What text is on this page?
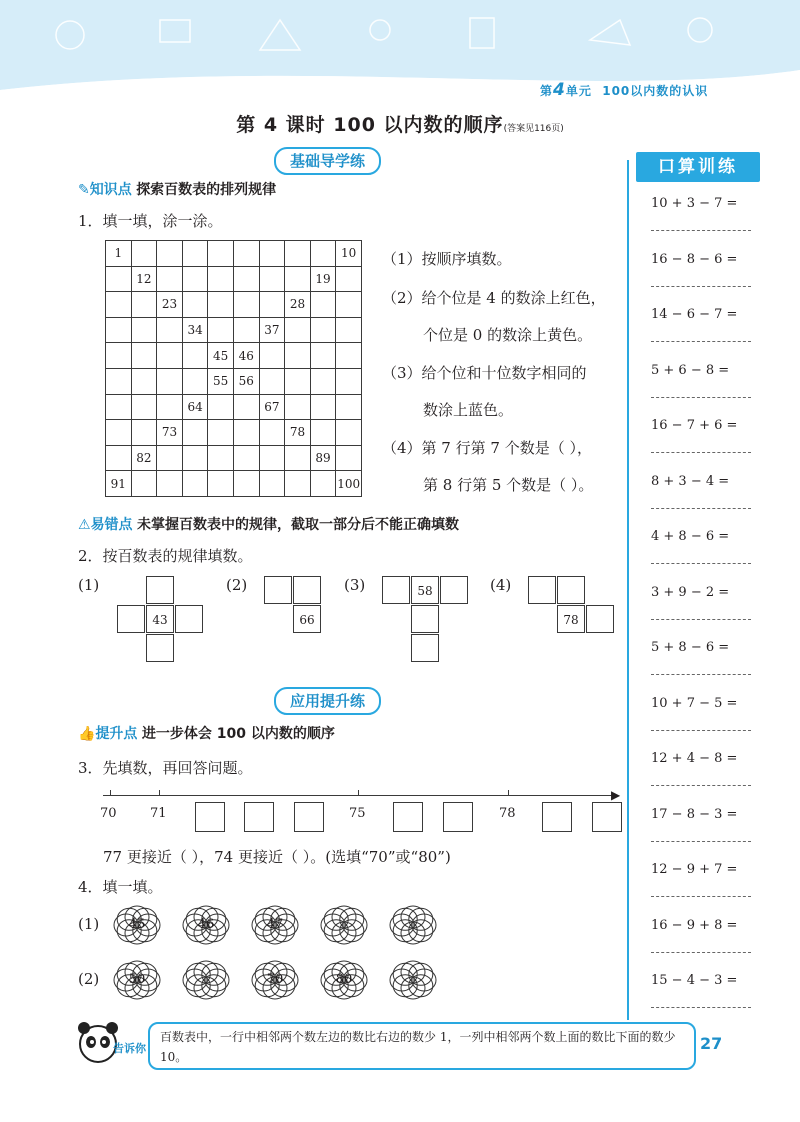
第4单元 100以内数的认识
第 4 课时 100 以内数的顺序(答案见116页)
基础导学练
✎知识点 探索百数表的排列规律
1．填一填，涂一涂。
1									10
	12							19	
		23					28		
			34			37			
				45	46				
				55	56				
			64			67			
		73					78		
	82							89	
91									100
（1）按顺序填数。
（2）给个位是 4 的数涂上红色，
个位是 0 的数涂上黄色。
（3）给个位和十位数字相同的
数涂上蓝色。
（4）第 7 行第 7 个数是（ ），
第 8 行第 5 个数是（ ）。
⚠易错点 未掌握百数表中的规律，截取一部分后不能正确填数
2．按百数表的规律填数。
(1)
43
(2)
66
(3)	58	(4)
78
应用提升练
👍提升点 进一步体会 100 以内数的顺序
3．先填数，再回答问题。
▶
70	71	75	78
77 更接近（ ），74 更接近（ ）。(选填“70”或“80”)
4．填一填。
(1)	45	46	47
(2)	50	70	80
口算训练
10 + 3 − 7 =
16 − 8 − 6 =
14 − 6 − 7 =
5 + 6 − 8 =
16 − 7 + 6 =
8 + 3 − 4 =
4 + 8 − 6 =
3 + 9 − 2 =
5 + 8 − 6 =
10 + 7 − 5 =
12 + 4 − 8 =
17 − 8 − 3 =
12 − 9 + 7 =
16 − 9 + 8 =
15 − 4 − 3 =
告诉你
百数表中，一行中相邻两个数左边的数比右边的数少 1，一列中相邻两个数上面的数比下面的数少 10。
27
